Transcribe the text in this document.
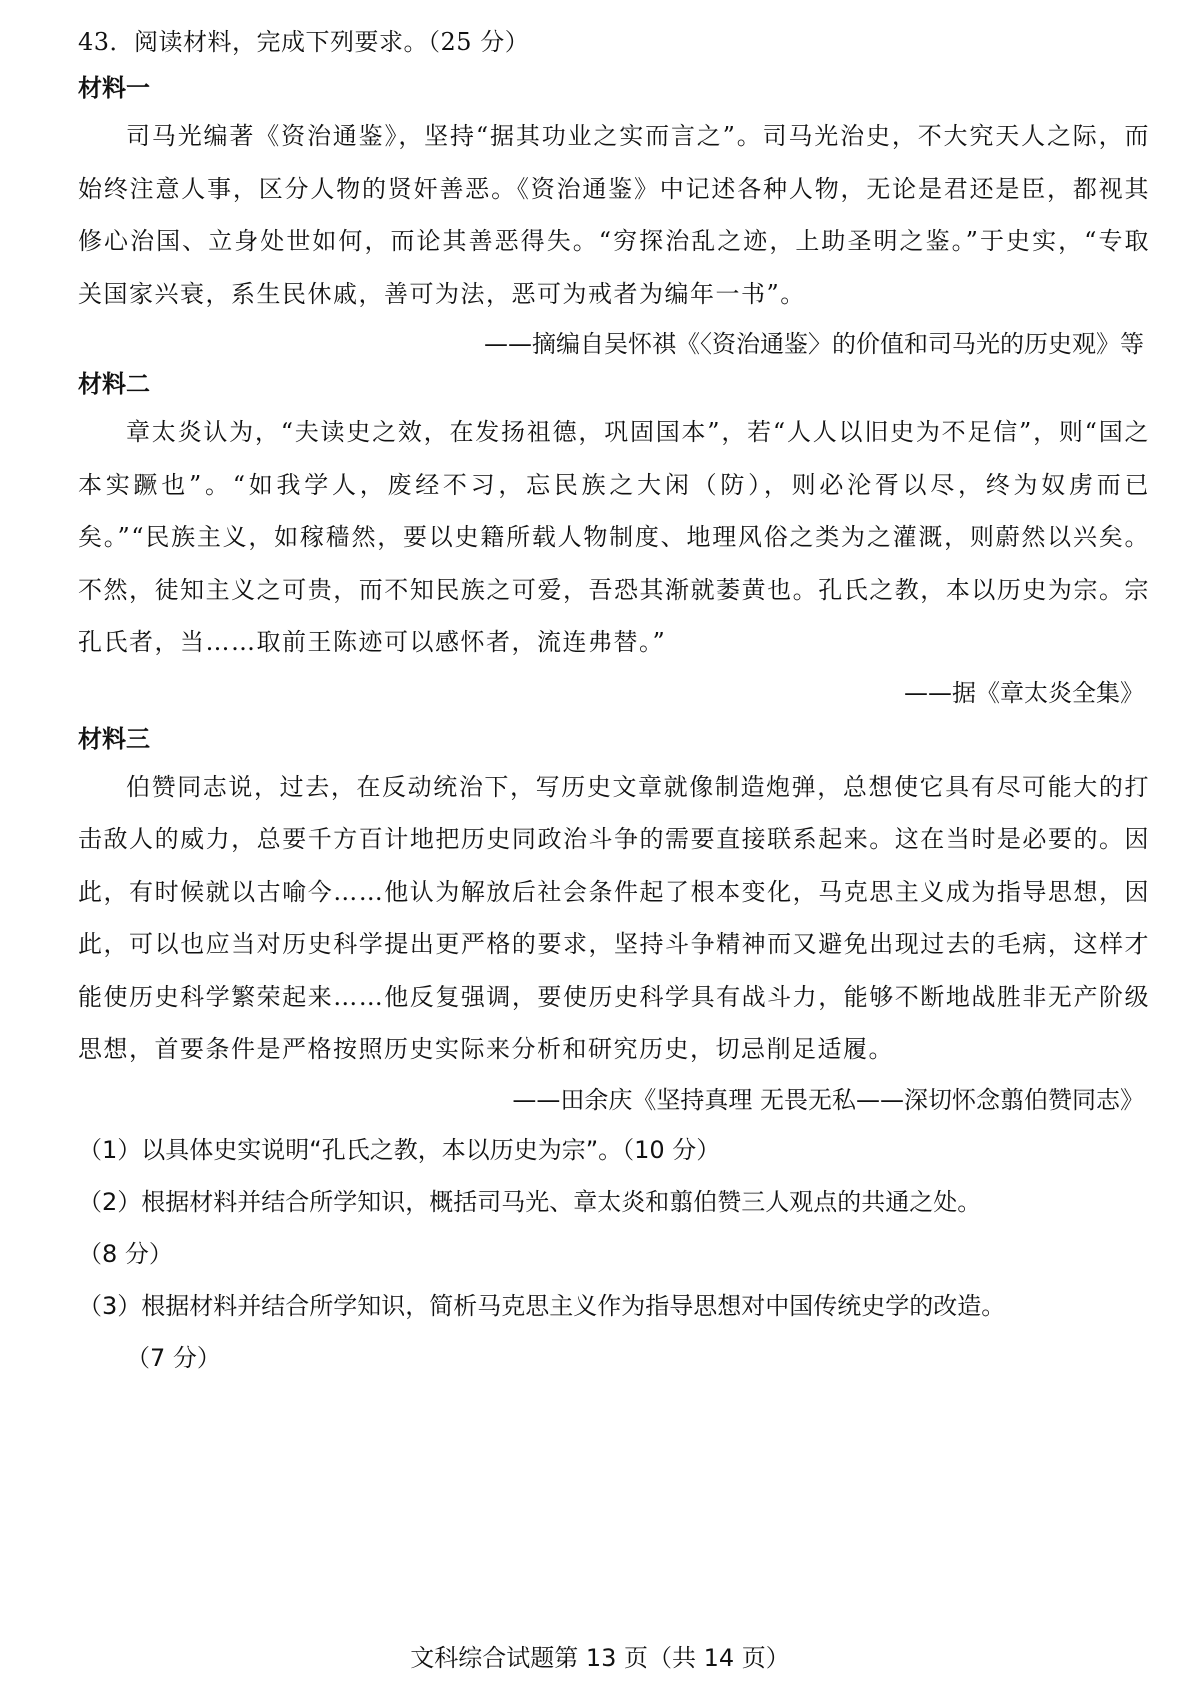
43．阅读材料，完成下列要求。（25 分）

材料一

司马光编著《资治通鉴》，坚持“据其功业之实而言之”。司马光治史，不大究天人之际，而始终注意人事，区分人物的贤奸善恶。《资治通鉴》中记述各种人物，无论是君还是臣，都视其修心治国、立身处世如何，而论其善恶得失。“穷探治乱之迹，上助圣明之鉴。”于史实，“专取关国家兴衰，系生民休戚，善可为法，恶可为戒者为编年一书”。

——摘编自吴怀祺《〈资治通鉴〉的价值和司马光的历史观》等

材料二

章太炎认为，“夫读史之效，在发扬祖德，巩固国本”，若“人人以旧史为不足信”，则“国之本实蹶也”。“如我学人，废经不习，忘民族之大闲（防），则必沦胥以尽，终为奴虏而已矣。”“民族主义，如稼穑然，要以史籍所载人物制度、地理风俗之类为之灌溉，则蔚然以兴矣。不然，徒知主义之可贵，而不知民族之可爱，吾恐其渐就萎黄也。孔氏之教，本以历史为宗。宗孔氏者，当……取前王陈迹可以感怀者，流连弗替。”

——据《章太炎全集》

材料三

伯赞同志说，过去，在反动统治下，写历史文章就像制造炮弹，总想使它具有尽可能大的打击敌人的威力，总要千方百计地把历史同政治斗争的需要直接联系起来。这在当时是必要的。因此，有时候就以古喻今……他认为解放后社会条件起了根本变化，马克思主义成为指导思想，因此，可以也应当对历史科学提出更严格的要求，坚持斗争精神而又避免出现过去的毛病，这样才能使历史科学繁荣起来……他反复强调，要使历史科学具有战斗力，能够不断地战胜非无产阶级思想，首要条件是严格按照历史实际来分析和研究历史，切忌削足适履。

——田余庆《坚持真理 无畏无私——深切怀念翦伯赞同志》

（1）以具体史实说明“孔氏之教，本以历史为宗”。（10 分）

（2）根据材料并结合所学知识，概括司马光、章太炎和翦伯赞三人观点的共通之处。
（8 分）

（3）根据材料并结合所学知识，简析马克思主义作为指导思想对中国传统史学的改造。
（7 分）

文科综合试题第 13 页（共 14 页）
